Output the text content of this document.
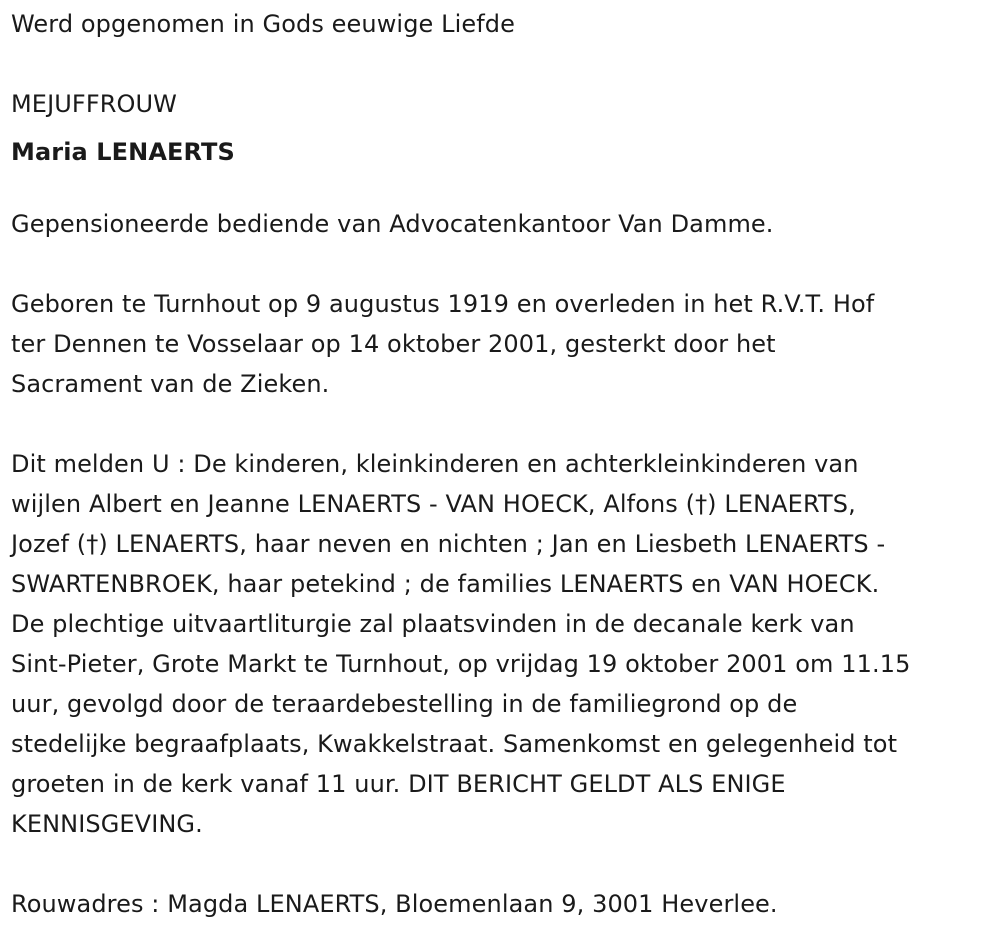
Werd opgenomen in Gods eeuwige Liefde

MEJUFFROUW

Maria LENAERTS

Gepensioneerde bediende van Advocatenkantoor Van Damme.

Geboren te Turnhout op 9 augustus 1919 en overleden in het R.V.T. Hof

ter Dennen te Vosselaar op 14 oktober 2001, gesterkt door het

Sacrament van de Zieken.

Dit melden U : De kinderen, kleinkinderen en achterkleinkinderen van

wijlen Albert en Jeanne LENAERTS - VAN HOECK, Alfons (†) LENAERTS,

Jozef (†) LENAERTS, haar neven en nichten ; Jan en Liesbeth LENAERTS -

SWARTENBROEK, haar petekind ; de families LENAERTS en VAN HOECK.

De plechtige uitvaartliturgie zal plaatsvinden in de decanale kerk van

Sint-Pieter, Grote Markt te Turnhout, op vrijdag 19 oktober 2001 om 11.15

uur, gevolgd door de teraardebestelling in de familiegrond op de

stedelijke begraafplaats, Kwakkelstraat. Samenkomst en gelegenheid tot

groeten in de kerk vanaf 11 uur. DIT BERICHT GELDT ALS ENIGE

KENNISGEVING.

Rouwadres : Magda LENAERTS, Bloemenlaan 9, 3001 Heverlee.
